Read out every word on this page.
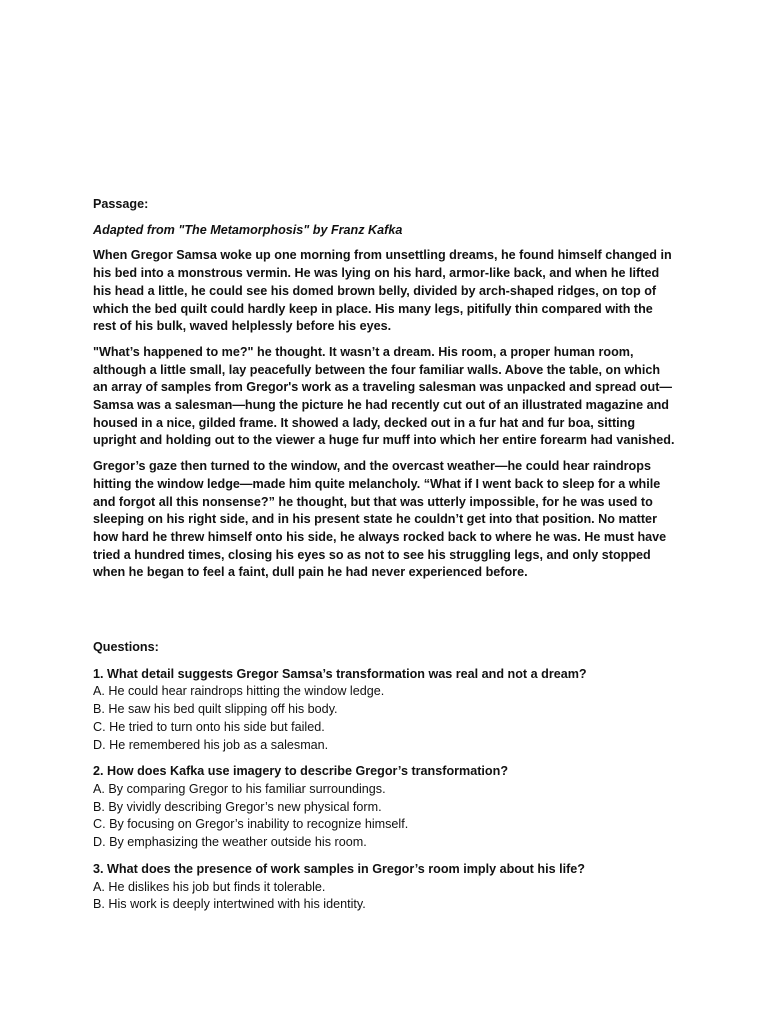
Passage:
Adapted from "The Metamorphosis" by Franz Kafka

When Gregor Samsa woke up one morning from unsettling dreams, he found himself changed in his bed into a monstrous vermin. He was lying on his hard, armor-like back, and when he lifted his head a little, he could see his domed brown belly, divided by arch-shaped ridges, on top of which the bed quilt could hardly keep in place. His many legs, pitifully thin compared with the rest of his bulk, waved helplessly before his eyes.

"What’s happened to me?" he thought. It wasn’t a dream. His room, a proper human room, although a little small, lay peacefully between the four familiar walls. Above the table, on which an array of samples from Gregor's work as a traveling salesman was unpacked and spread out—Samsa was a salesman—hung the picture he had recently cut out of an illustrated magazine and housed in a nice, gilded frame. It showed a lady, decked out in a fur hat and fur boa, sitting upright and holding out to the viewer a huge fur muff into which her entire forearm had vanished.

Gregor’s gaze then turned to the window, and the overcast weather—he could hear raindrops hitting the window ledge—made him quite melancholy. “What if I went back to sleep for a while and forgot all this nonsense?” he thought, but that was utterly impossible, for he was used to sleeping on his right side, and in his present state he couldn’t get into that position. No matter how hard he threw himself onto his side, he always rocked back to where he was. He must have tried a hundred times, closing his eyes so as not to see his struggling legs, and only stopped when he began to feel a faint, dull pain he had never experienced before.

Questions:
1. What detail suggests Gregor Samsa’s transformation was real and not a dream?
A. He could hear raindrops hitting the window ledge.
B. He saw his bed quilt slipping off his body.
C. He tried to turn onto his side but failed.
D. He remembered his job as a salesman.
2. How does Kafka use imagery to describe Gregor’s transformation?
A. By comparing Gregor to his familiar surroundings.
B. By vividly describing Gregor’s new physical form.
C. By focusing on Gregor’s inability to recognize himself.
D. By emphasizing the weather outside his room.
3. What does the presence of work samples in Gregor’s room imply about his life?
A. He dislikes his job but finds it tolerable.
B. His work is deeply intertwined with his identity.
